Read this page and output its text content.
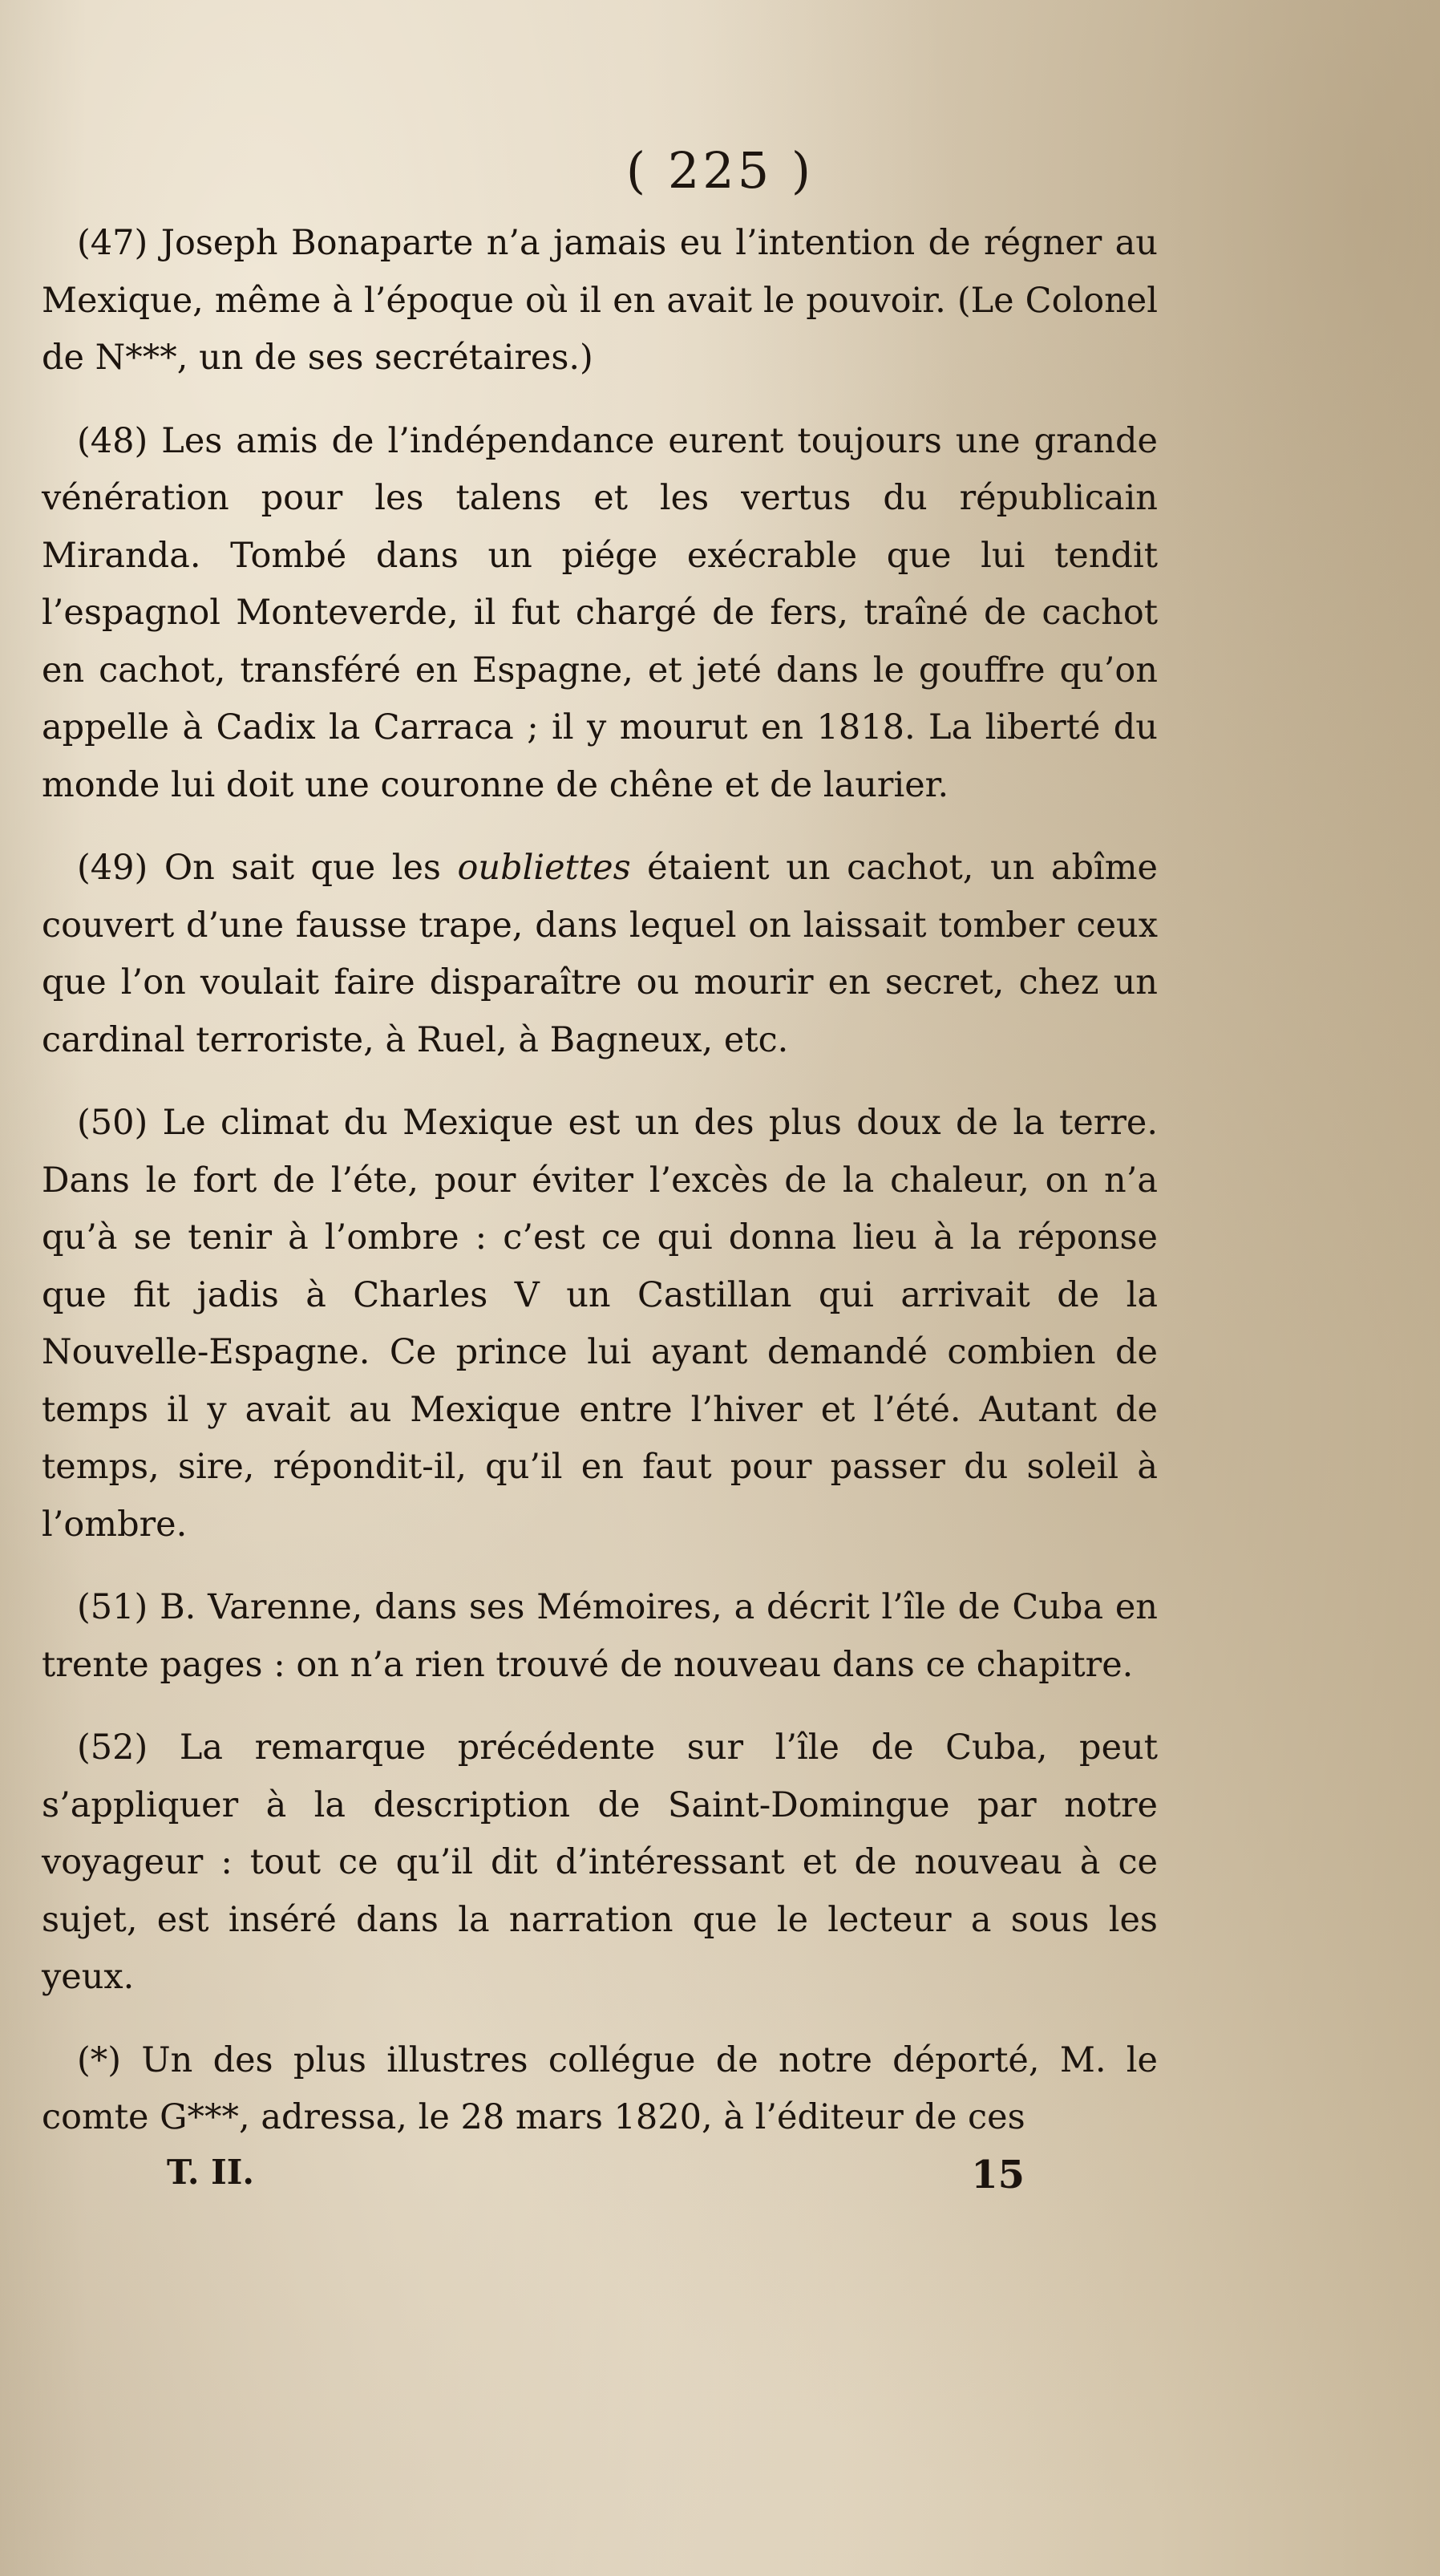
( 225 )

(47) Joseph Bonaparte n’a jamais eu l’intention de régner au Mexique, même à l’époque où il en avait le pouvoir. (Le Colonel de N***, un de ses secrétaires.)

(48) Les amis de l’indépendance eurent toujours une grande vénération pour les talens et les vertus du républicain Miranda. Tombé dans un piége exécrable que lui tendit l’espagnol Monteverde, il fut chargé de fers, traîné de cachot en cachot, transféré en Espagne, et jeté dans le gouffre qu’on appelle à Cadix la Carraca ; il y mourut en 1818. La liberté du monde lui doit une couronne de chêne et de laurier.

(49) On sait que les oubliettes étaient un cachot, un abîme couvert d’une fausse trape, dans lequel on laissait tomber ceux que l’on voulait faire disparaître ou mourir en secret, chez un cardinal terroriste, à Ruel, à Bagneux, etc.

(50) Le climat du Mexique est un des plus doux de la terre. Dans le fort de l’éte, pour éviter l’excès de la chaleur, on n’a qu’à se tenir à l’ombre : c’est ce qui donna lieu à la réponse que fit jadis à Charles V un Castillan qui arrivait de la Nouvelle-Espagne. Ce prince lui ayant demandé combien de temps il y avait au Mexique entre l’hiver et l’été. Autant de temps, sire, répondit-il, qu’il en faut pour passer du soleil à l’ombre.

(51) B. Varenne, dans ses Mémoires, a décrit l’île de Cuba en trente pages : on n’a rien trouvé de nouveau dans ce chapitre.

(52) La remarque précédente sur l’île de Cuba, peut s’appliquer à la description de Saint-Domingue par notre voyageur : tout ce qu’il dit d’intéressant et de nouveau à ce sujet, est inséré dans la narration que le lecteur a sous les yeux.

(*) Un des plus illustres collégue de notre déporté, M. le comte G***, adressa, le 28 mars 1820, à l’éditeur de ces

T. II.	15
